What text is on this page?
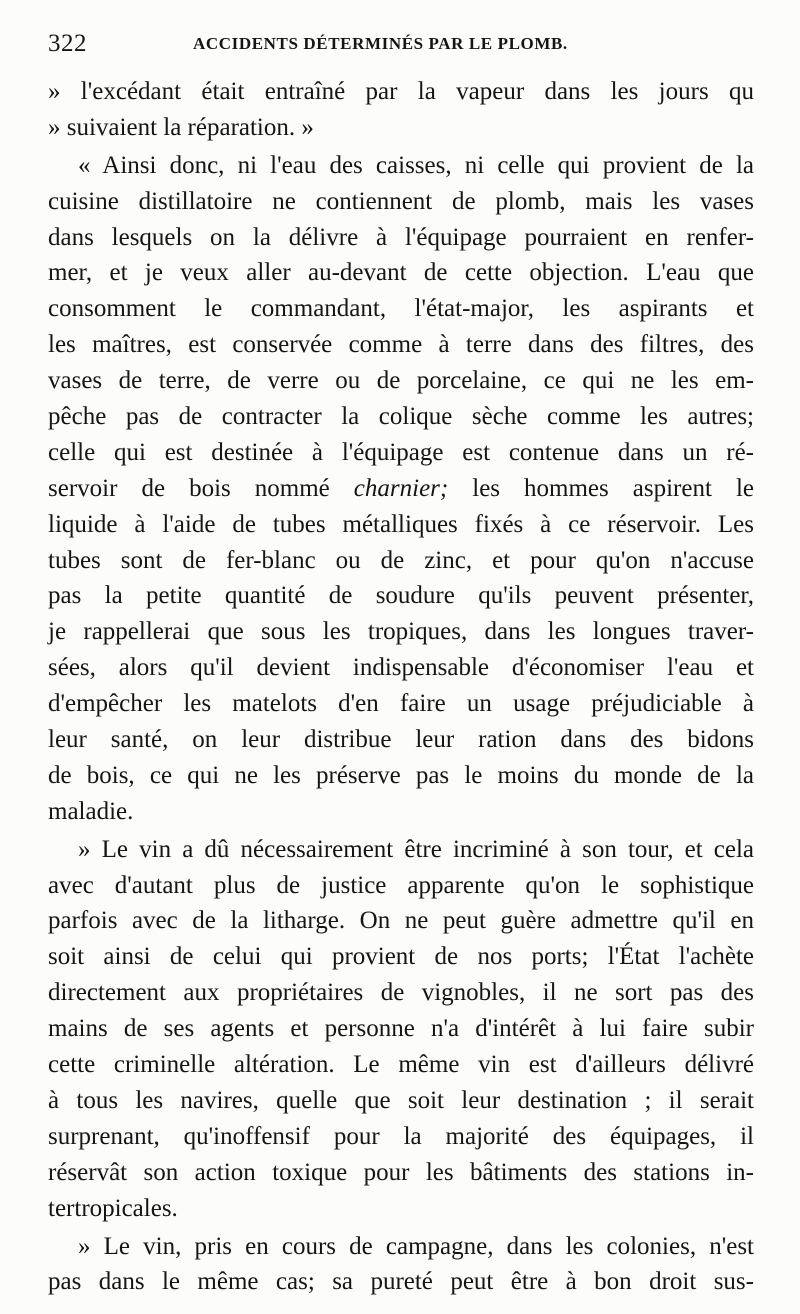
322	ACCIDENTS DÉTERMINÉS PAR LE PLOMB.
» l'excédant était entraîné par la vapeur dans les jours qu
» suivaient la réparation. »
« Ainsi donc, ni l'eau des caisses, ni celle qui provient de la
cuisine distillatoire ne contiennent de plomb, mais les vases
dans lesquels on la délivre à l'équipage pourraient en renfer-
mer, et je veux aller au-devant de cette objection. L'eau que
consomment le commandant, l'état-major, les aspirants et
les maîtres, est conservée comme à terre dans des filtres, des
vases de terre, de verre ou de porcelaine, ce qui ne les em-
pêche pas de contracter la colique sèche comme les autres;
celle qui est destinée à l'équipage est contenue dans un ré-
servoir de bois nommé charnier; les hommes aspirent le
liquide à l'aide de tubes métalliques fixés à ce réservoir. Les
tubes sont de fer-blanc ou de zinc, et pour qu'on n'accuse
pas la petite quantité de soudure qu'ils peuvent présenter,
je rappellerai que sous les tropiques, dans les longues traver-
sées, alors qu'il devient indispensable d'économiser l'eau et
d'empêcher les matelots d'en faire un usage préjudiciable à
leur santé, on leur distribue leur ration dans des bidons
de bois, ce qui ne les préserve pas le moins du monde de la
maladie.
» Le vin a dû nécessairement être incriminé à son tour, et cela
avec d'autant plus de justice apparente qu'on le sophistique
parfois avec de la litharge. On ne peut guère admettre qu'il en
soit ainsi de celui qui provient de nos ports; l'État l'achète
directement aux propriétaires de vignobles, il ne sort pas des
mains de ses agents et personne n'a d'intérêt à lui faire subir
cette criminelle altération. Le même vin est d'ailleurs délivré
à tous les navires, quelle que soit leur destination ; il serait
surprenant, qu'inoffensif pour la majorité des équipages, il
réservât son action toxique pour les bâtiments des stations in-
tertropicales.
» Le vin, pris en cours de campagne, dans les colonies, n'est
pas dans le même cas; sa pureté peut être à bon droit sus-
